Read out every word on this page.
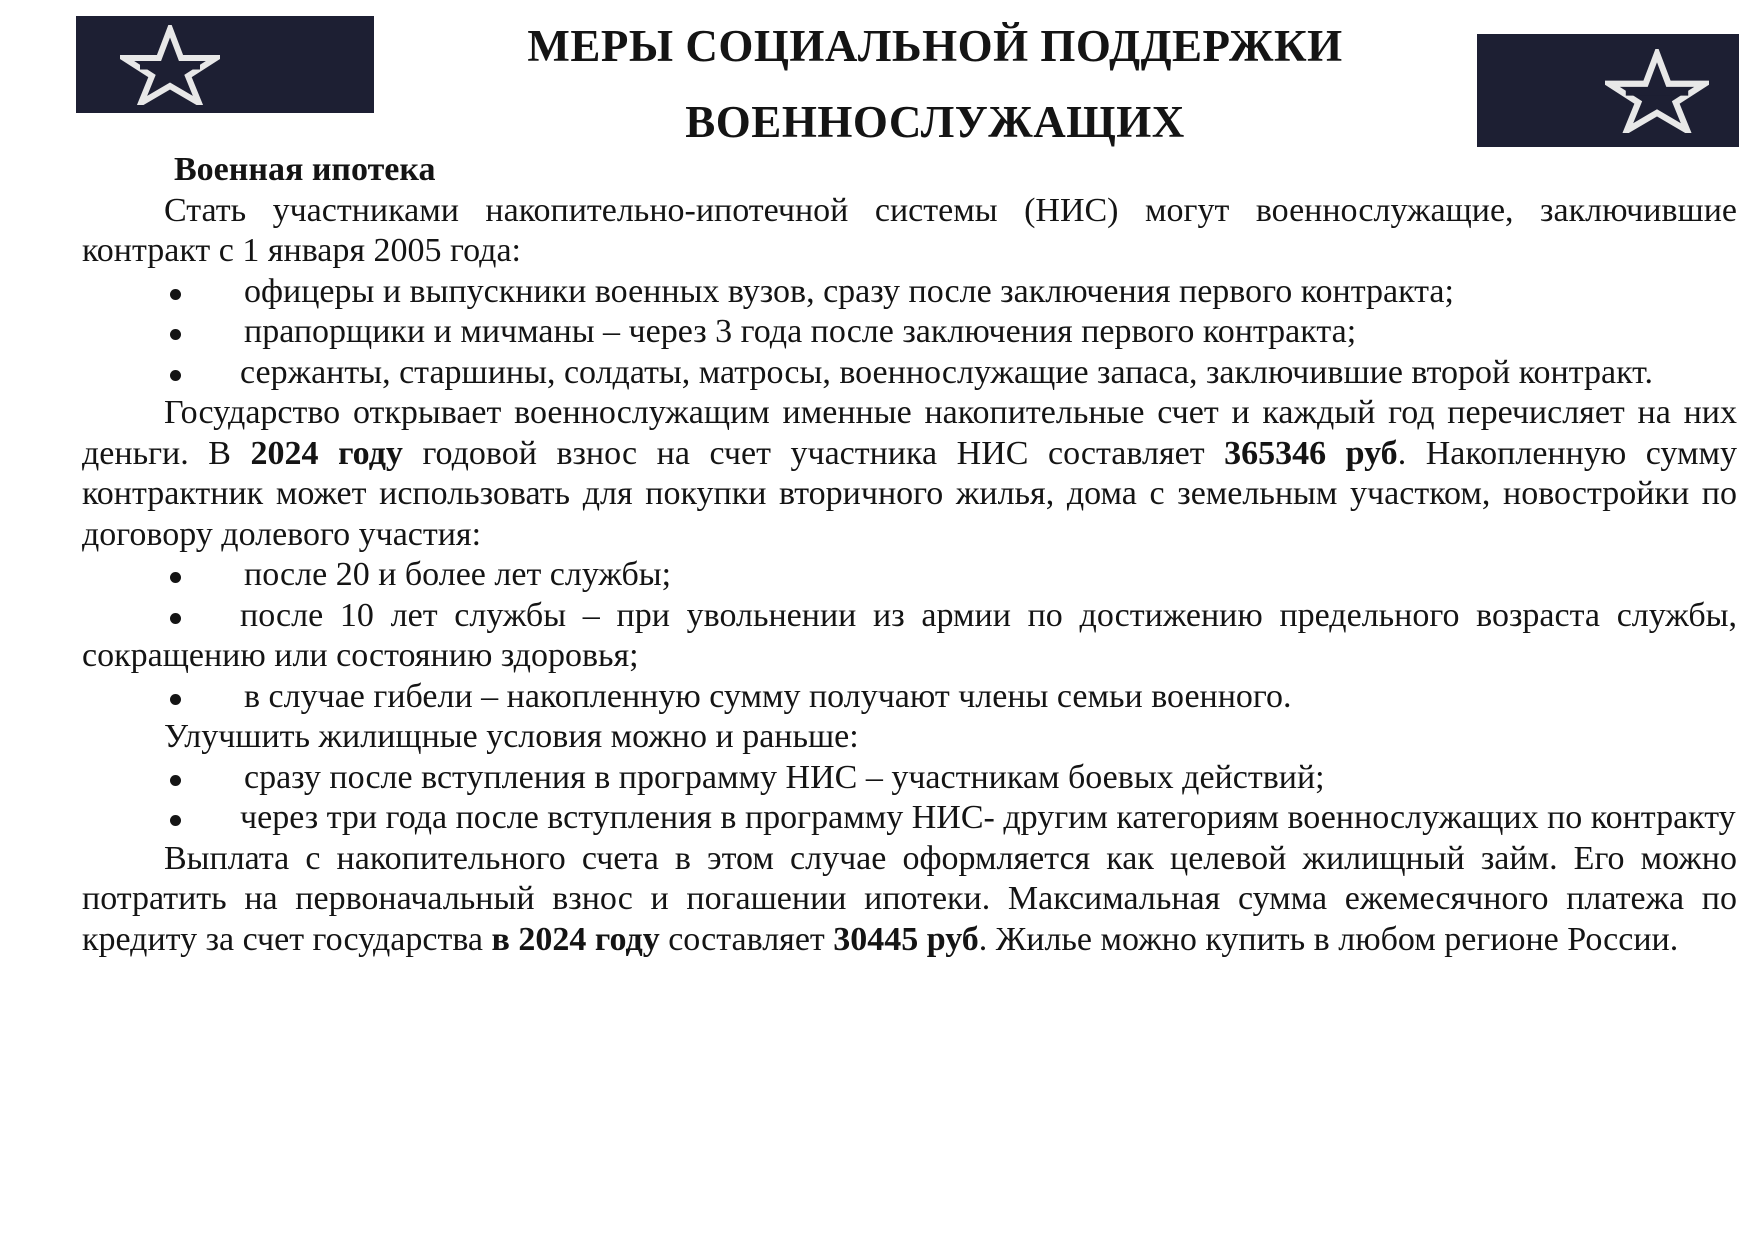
МЕРЫ СОЦИАЛЬНОЙ ПОДДЕРЖКИ
ВОЕННОСЛУЖАЩИХ

Военная ипотека

Стать участниками накопительно-ипотечной системы (НИС) могут военнослужащие, заключившие контракт с 1 января 2005 года:

офицеры и выпускники военных вузов, сразу после заключения первого контракта;

прапорщики и мичманы – через 3 года после заключения первого контракта;

сержанты, старшины, солдаты, матросы, военнослужащие запаса, заключившие второй контракт.

Государство открывает военнослужащим именные накопительные счет и каждый год перечисляет на них деньги. В 2024 году годовой взнос на счет участника НИС составляет 365346 руб. Накопленную сумму контрактник может использовать для покупки вторичного жилья, дома с земельным участком, новостройки по договору долевого участия:

после 20 и более лет службы;

после 10 лет службы – при увольнении из армии по достижению предельного возраста службы, сокращению или состоянию здоровья;

в случае гибели – накопленную сумму получают члены семьи военного.

Улучшить жилищные условия можно и раньше:

сразу после вступления в программу НИС – участникам боевых действий;

через три года после вступления в программу НИС- другим категориям военнослужащих по контракту

Выплата с накопительного счета в этом случае оформляется как целевой жилищный займ. Его можно потратить на первоначальный взнос и погашении ипотеки. Максимальная сумма ежемесячного платежа по кредиту за счет государства в 2024 году составляет 30445 руб. Жилье можно купить в любом регионе России.
